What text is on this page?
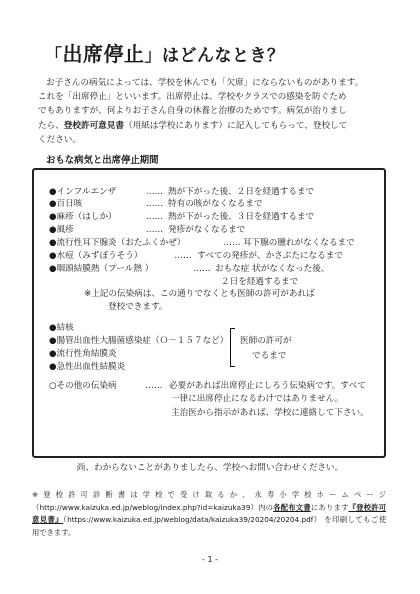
「出席停止」はどんなとき？

お子さんの病気によっては、学校を休んでも「欠席」にならないものがあります。

これを「出席停止」といいます。出席停止は、学校やクラスでの感染を防ぐため
でもありますが、何よりお子さん自身の休養と治療のためです。病気が治りまし
たら、登校許可意見書（用紙は学校にあります）に記入してもらって、登校して
ください。
おもな病気と出席停止期間
●インフルエンザ	…… 熱が下がった後、２日を経過するまで
●百日咳	…… 特有の咳がなくなるまで
●麻疹（はしか）	…… 熱が下がった後、３日を経過するまで
●風疹	…… 発疹がなくなるまで
●流行性耳下腺炎（おたふくかぜ）	…… 耳下腺の腫れがなくなるまで
●水痘（みずぼうそう）	…… すべての発疹が、かさぶたになるまで
●咽頭結膜熱（プール熱 ）	…… おもな症 状がなくなった後、
２日を経過するまで
※上記の伝染病は、この通りでなくとも医師の許可があれば
登校できます。
●結核
●腸管出血性大腸菌感染症（Ｏ－１５７など）
●流行性角結膜炎
●急性出血性結膜炎
医師の許可が
でるまで
○その他の伝染病	…… 必要があれば出席停止にしろう伝染病です。すべて
一律に出席停止になるわけではありません。
主治医から指示があれば、学校に連絡して下さい。
尚、わからないことがありましたら、学校へお問い合わせください。
※登校許可診断書は学校で受け取るか、永寿小学校ホームページ（http://www.kaizuka.ed.jp/weblog/index.php?id=kaizuka39）内の各配布文書にあります『登校許可意見書』（https://www.kaizuka.ed.jp/weblog/data/kaizuka39/20204/20204.pdf） を印刷してもご使用できます。
- 1 -
